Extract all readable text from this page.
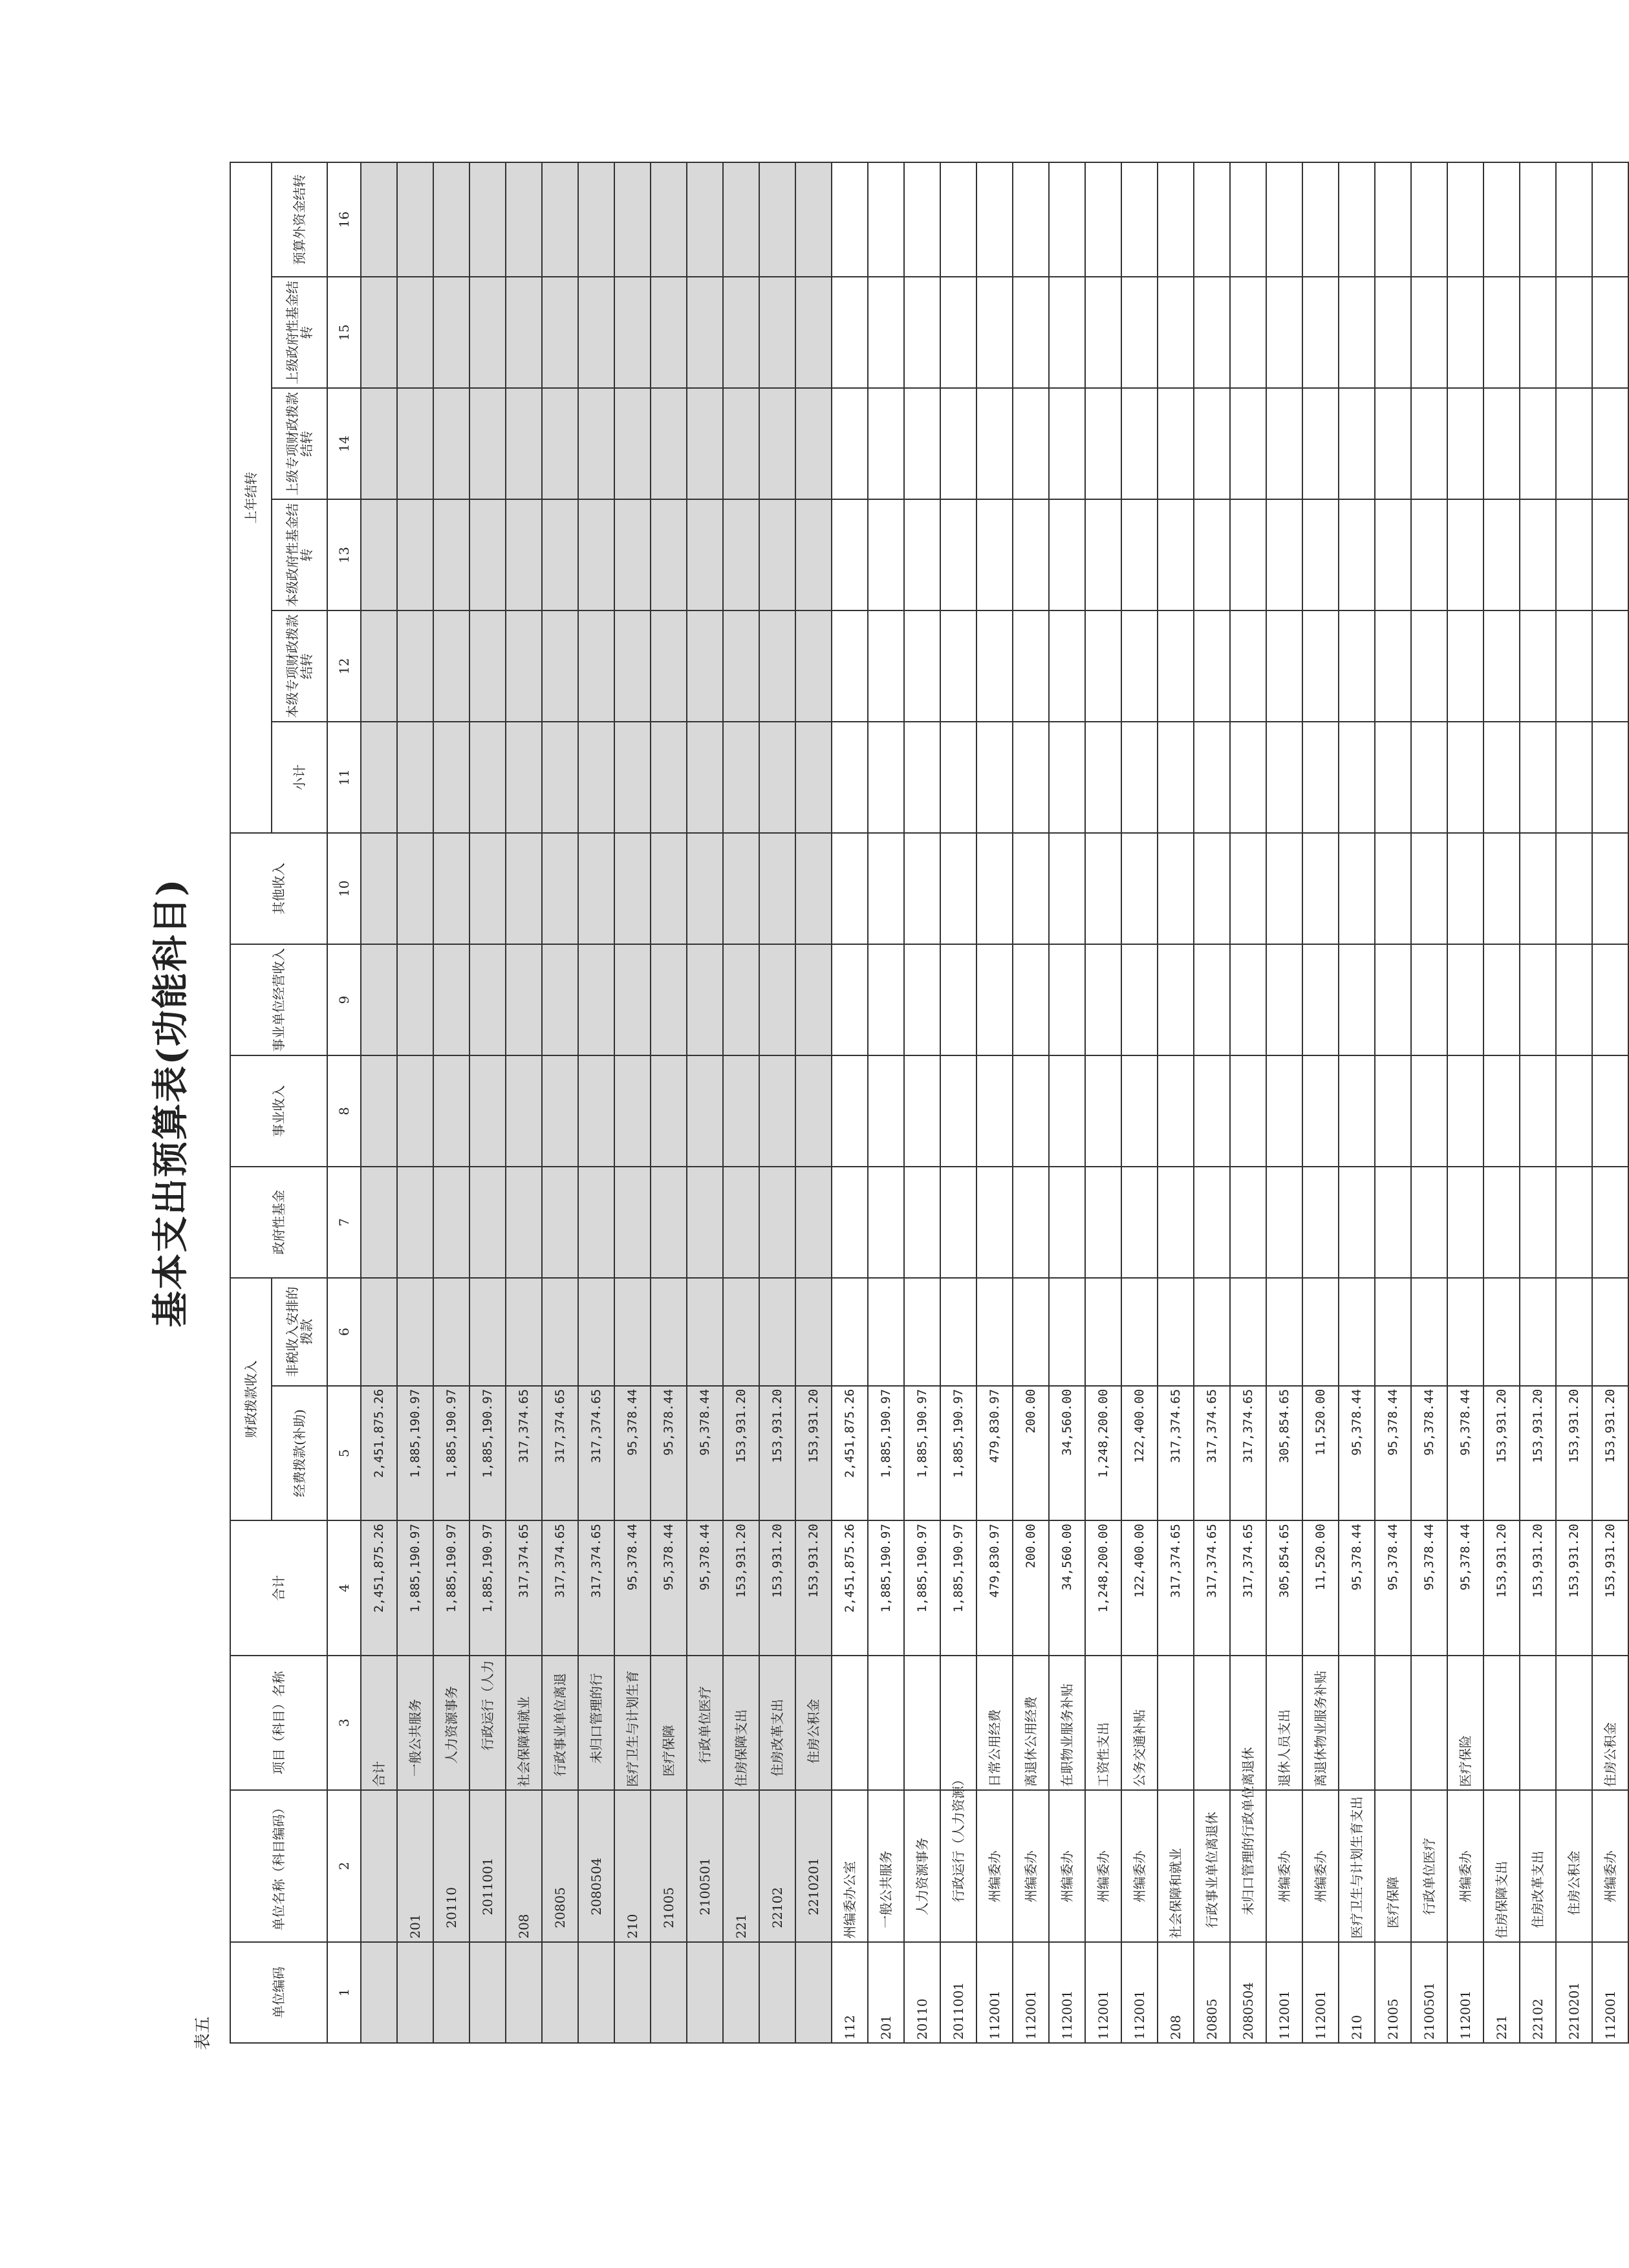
基本支出预算表(功能科目)
表五
单位编码	单位名称（科目编码）	项目（科目）名称	合计	财政拨款收入		政府性基金	事业收入	事业单位经营收入	其他收入	上年结转					
				经费拨款(补助)	非税收入安排的拨款					小计	本级专项财政拨款结转	本级政府性基金结转	上级专项财政拨款结转	上级政府性基金结转	预算外资金结转
1	2	3	4	5	6	7	8	9	10	11	12	13	14	15	16
		合计	2,451,875.26	2,451,875.26											
	201	一般公共服务	1,885,190.97	1,885,190.97											
	20110	人力资源事务	1,885,190.97	1,885,190.97											
	2011001	行政运行（人力	1,885,190.97	1,885,190.97											
	208	社会保障和就业	317,374.65	317,374.65											
	20805	行政事业单位离退	317,374.65	317,374.65											
	2080504	未归口管理的行	317,374.65	317,374.65											
	210	医疗卫生与计划生育	95,378.44	95,378.44											
	21005	医疗保障	95,378.44	95,378.44											
	2100501	行政单位医疗	95,378.44	95,378.44											
	221	住房保障支出	153,931.20	153,931.20											
	22102	住房改革支出	153,931.20	153,931.20											
	2210201	住房公积金	153,931.20	153,931.20											
112	州编委办公室		2,451,875.26	2,451,875.26											
201	一般公共服务		1,885,190.97	1,885,190.97											
20110	人力资源事务		1,885,190.97	1,885,190.97											
2011001	行政运行（人力资源）		1,885,190.97	1,885,190.97											
112001	州编委办	日常公用经费	479,830.97	479,830.97											
112001	州编委办	离退休公用经费	200.00	200.00											
112001	州编委办	在职物业服务补贴	34,560.00	34,560.00											
112001	州编委办	工资性支出	1,248,200.00	1,248,200.00											
112001	州编委办	公务交通补贴	122,400.00	122,400.00											
208	社会保障和就业		317,374.65	317,374.65											
20805	行政事业单位离退休		317,374.65	317,374.65											
2080504	未归口管理的行政单位离退休		317,374.65	317,374.65											
112001	州编委办	退休人员支出	305,854.65	305,854.65											
112001	州编委办	离退休物业服务补贴	11,520.00	11,520.00											
210	医疗卫生与计划生育支出		95,378.44	95,378.44											
21005	医疗保障		95,378.44	95,378.44											
2100501	行政单位医疗		95,378.44	95,378.44											
112001	州编委办	医疗保险	95,378.44	95,378.44											
221	住房保障支出		153,931.20	153,931.20											
22102	住房改革支出		153,931.20	153,931.20											
2210201	住房公积金		153,931.20	153,931.20											
112001	州编委办	住房公积金	153,931.20	153,931.20											
